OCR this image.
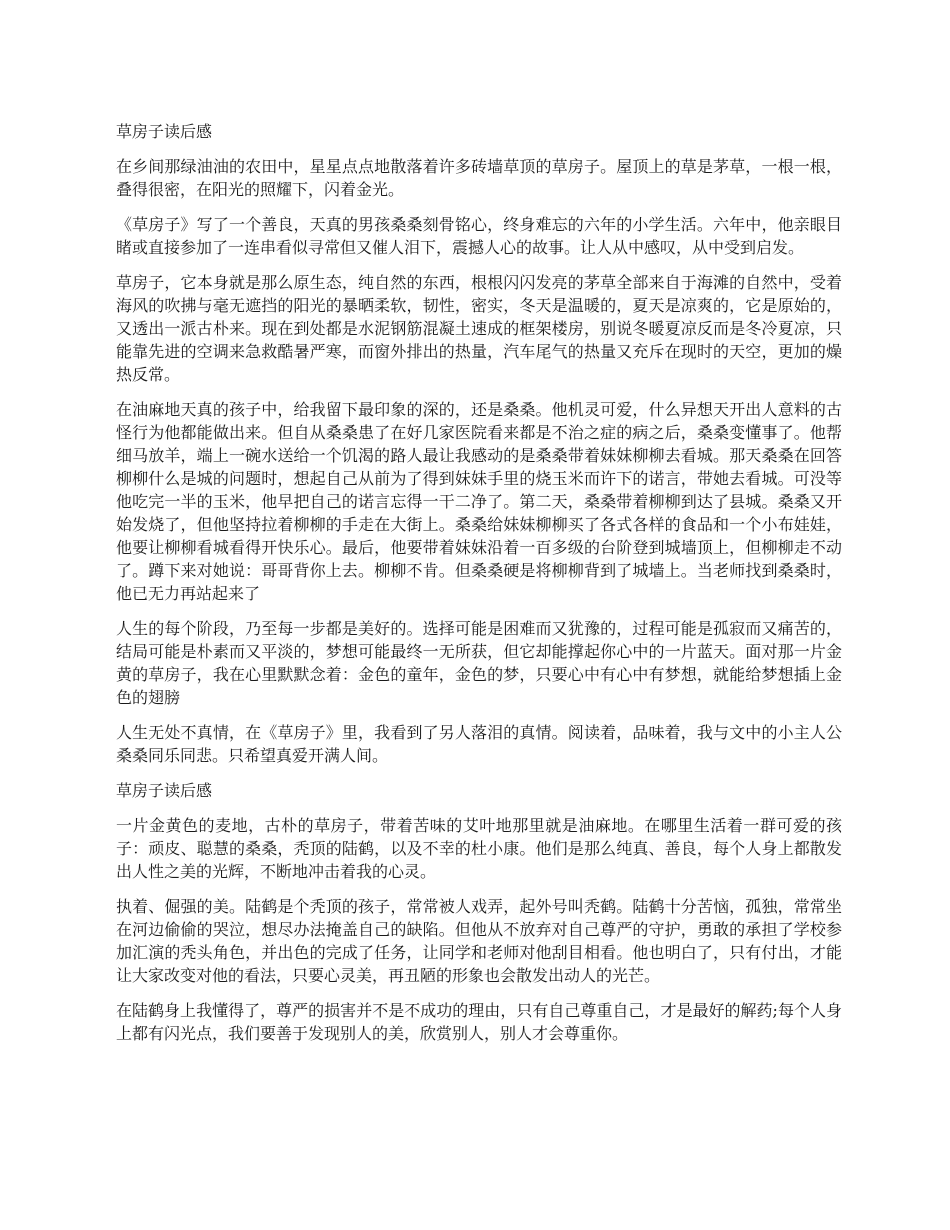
草房子读后感

在乡间那绿油油的农田中，星星点点地散落着许多砖墙草顶的草房子。屋顶上的草是茅草，一根一根，叠得很密，在阳光的照耀下，闪着金光。

《草房子》写了一个善良，天真的男孩桑桑刻骨铭心，终身难忘的六年的小学生活。六年中，他亲眼目睹或直接参加了一连串看似寻常但又催人泪下，震撼人心的故事。让人从中感叹，从中受到启发。

草房子，它本身就是那么原生态，纯自然的东西，根根闪闪发亮的茅草全部来自于海滩的自然中，受着海风的吹拂与毫无遮挡的阳光的暴晒柔软，韧性，密实，冬天是温暖的，夏天是凉爽的，它是原始的，又透出一派古朴来。现在到处都是水泥钢筋混凝土速成的框架楼房，别说冬暖夏凉反而是冬冷夏凉，只能靠先进的空调来急救酷暑严寒，而窗外排出的热量，汽车尾气的热量又充斥在现时的天空，更加的燥热反常。

在油麻地天真的孩子中，给我留下最印象的深的，还是桑桑。他机灵可爱，什么异想天开出人意料的古怪行为他都能做出来。但自从桑桑患了在好几家医院看来都是不治之症的病之后，桑桑变懂事了。他帮细马放羊，端上一碗水送给一个饥渴的路人最让我感动的是桑桑带着妹妹柳柳去看城。那天桑桑在回答柳柳什么是城的问题时，想起自己从前为了得到妹妹手里的烧玉米而许下的诺言，带她去看城。可没等他吃完一半的玉米，他早把自己的诺言忘得一干二净了。第二天，桑桑带着柳柳到达了县城。桑桑又开始发烧了，但他坚持拉着柳柳的手走在大街上。桑桑给妹妹柳柳买了各式各样的食品和一个小布娃娃，他要让柳柳看城看得开快乐心。最后，他要带着妹妹沿着一百多级的台阶登到城墙顶上，但柳柳走不动了。蹲下来对她说：哥哥背你上去。柳柳不肯。但桑桑硬是将柳柳背到了城墙上。当老师找到桑桑时，他已无力再站起来了

人生的每个阶段，乃至每一步都是美好的。选择可能是困难而又犹豫的，过程可能是孤寂而又痛苦的，结局可能是朴素而又平淡的，梦想可能最终一无所获，但它却能撑起你心中的一片蓝天。面对那一片金黄的草房子，我在心里默默念着：金色的童年，金色的梦，只要心中有心中有梦想，就能给梦想插上金色的翅膀

人生无处不真情，在《草房子》里，我看到了另人落泪的真情。阅读着，品味着，我与文中的小主人公桑桑同乐同悲。只希望真爱开满人间。

草房子读后感

一片金黄色的麦地，古朴的草房子，带着苦味的艾叶地那里就是油麻地。在哪里生活着一群可爱的孩子：顽皮、聪慧的桑桑，秃顶的陆鹤，以及不幸的杜小康。他们是那么纯真、善良，每个人身上都散发出人性之美的光辉，不断地冲击着我的心灵。

执着、倔强的美。陆鹤是个秃顶的孩子，常常被人戏弄，起外号叫秃鹤。陆鹤十分苦恼，孤独，常常坐在河边偷偷的哭泣，想尽办法掩盖自己的缺陷。但他从不放弃对自己尊严的守护，勇敢的承担了学校参加汇演的秃头角色，并出色的完成了任务，让同学和老师对他刮目相看。他也明白了，只有付出，才能让大家改变对他的看法，只要心灵美，再丑陋的形象也会散发出动人的光芒。

在陆鹤身上我懂得了，尊严的损害并不是不成功的理由，只有自己尊重自己，才是最好的解药;每个人身上都有闪光点，我们要善于发现别人的美，欣赏别人，别人才会尊重你。
